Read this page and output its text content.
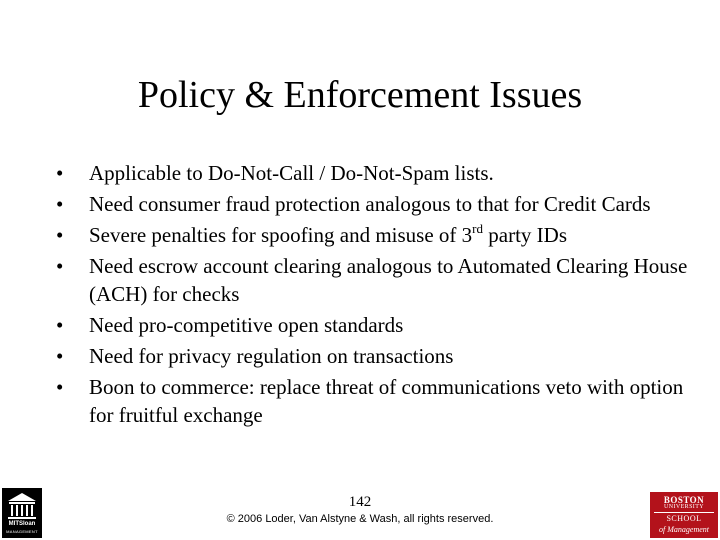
Policy & Enforcement Issues
•	Applicable to Do-Not-Call / Do-Not-Spam lists.
•	Need consumer fraud protection analogous to that for Credit Cards
•	Severe penalties for spoofing and misuse of 3rd party IDs
•	Need escrow account clearing analogous to Automated Clearing House (ACH) for checks
•	Need pro-competitive open standards
•	Need for privacy regulation on transactions
•	Boon to commerce: replace threat of communications veto with option for fruitful exchange
MITSloan
MANAGEMENT
142
© 2006 Loder, Van Alstyne & Wash, all rights reserved.
BOSTON
UNIVERSITY
SCHOOL
of Management
